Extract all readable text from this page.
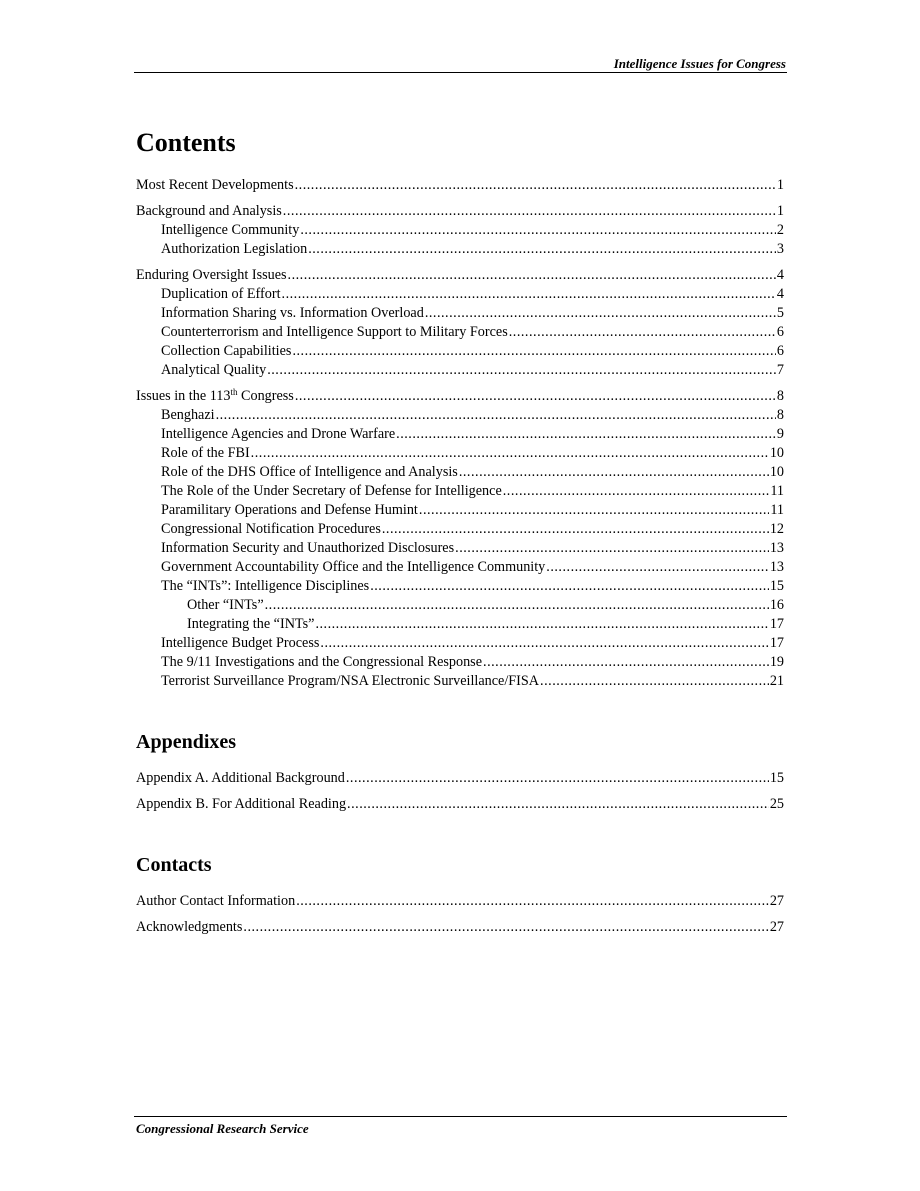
Intelligence Issues for Congress
Contents
Most Recent Developments .....	1
Background and Analysis .....	1
Intelligence Community .....	2
Authorization Legislation .....	3
Enduring Oversight Issues .....	4
Duplication of Effort .....	4
Information Sharing vs. Information Overload .....	5
Counterterrorism and Intelligence Support to Military Forces .....	6
Collection Capabilities .....	6
Analytical Quality .....	7
Issues in the 113th Congress .....	8
Benghazi .....	8
Intelligence Agencies and Drone Warfare .....	9
Role of the FBI .....	10
Role of the DHS Office of Intelligence and Analysis .....	10
The Role of the Under Secretary of Defense for Intelligence .....	11
Paramilitary Operations and Defense Humint .....	11
Congressional Notification Procedures .....	12
Information Security and Unauthorized Disclosures .....	13
Government Accountability Office and the Intelligence Community .....	13
The “INTs”: Intelligence Disciplines .....	15
Other “INTs” .....	16
Integrating the “INTs” .....	17
Intelligence Budget Process .....	17
The 9/11 Investigations and the Congressional Response .....	19
Terrorist Surveillance Program/NSA Electronic Surveillance/FISA .....	21
Appendixes
Appendix A. Additional Background .....	15
Appendix B. For Additional Reading .....	25
Contacts
Author Contact Information .....	27
Acknowledgments .....	27
Congressional Research Service
